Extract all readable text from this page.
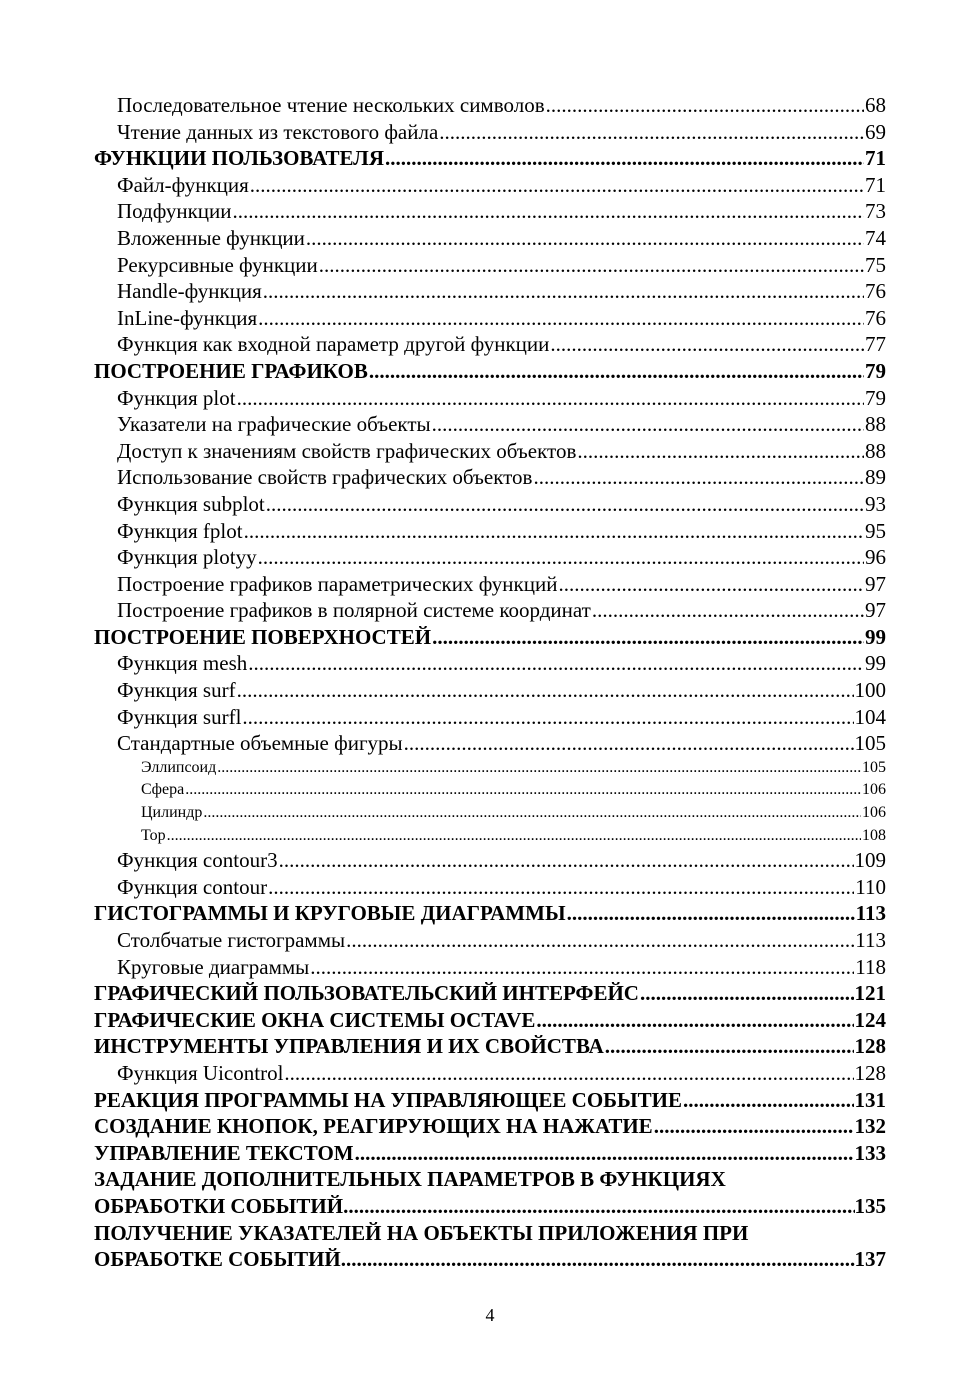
Последовательное чтение нескольких символов .....	68
Чтение данных из текстового файла .....	69
ФУНКЦИИ ПОЛЬЗОВАТЕЛЯ .....	71
Файл-функция .....	71
Подфункции .....	73
Вложенные функции .....	74
Рекурсивные функции .....	75
Handle-функция .....	76
InLine-функция .....	76
Функция как входной параметр другой функции .....	77
ПОСТРОЕНИЕ ГРАФИКОВ .....	79
Функция plot .....	79
Указатели на графические объекты .....	88
Доступ к значениям свойств графических объектов .....	88
Использование свойств графических объектов .....	89
Функция subplot .....	93
Функция fplot .....	95
Функция plotyy .....	96
Построение графиков параметрических функций .....	97
Построение графиков в полярной системе координат .....	97
ПОСТРОЕНИЕ ПОВЕРХНОСТЕЙ .....	99
Функция mesh .....	99
Функция surf .....	100
Функция surfl .....	104
Стандартные объемные фигуры .....	105
Эллипсоид .....	105
Сфера .....	106
Цилиндр .....	106
Тор .....	108
Функция contour3 .....	109
Функция contour .....	110
ГИСТОГРАММЫ И КРУГОВЫЕ ДИАГРАММЫ .....	113
Столбчатые гистограммы .....	113
Круговые диаграммы .....	118
ГРАФИЧЕСКИЙ ПОЛЬЗОВАТЕЛЬСКИЙ ИНТЕРФЕЙС .....	121
ГРАФИЧЕСКИЕ ОКНА СИСТЕМЫ OCTAVE .....	124
ИНСТРУМЕНТЫ УПРАВЛЕНИЯ И ИХ СВОЙСТВА .....	128
Функция Uicontrol .....	128
РЕАКЦИЯ ПРОГРАММЫ НА УПРАВЛЯЮЩЕЕ СОБЫТИЕ .....	131
СОЗДАНИЕ КНОПОК, РЕАГИРУЮЩИХ НА НАЖАТИЕ .....	132
УПРАВЛЕНИЕ ТЕКСТОМ .....	133
ЗАДАНИЕ ДОПОЛНИТЕЛЬНЫХ ПАРАМЕТРОВ В ФУНКЦИЯХ
ОБРАБОТКИ СОБЫТИЙ .....	135
ПОЛУЧЕНИЕ УКАЗАТЕЛЕЙ НА ОБЪЕКТЫ ПРИЛОЖЕНИЯ ПРИ
ОБРАБОТКЕ СОБЫТИЙ .....	137
4
